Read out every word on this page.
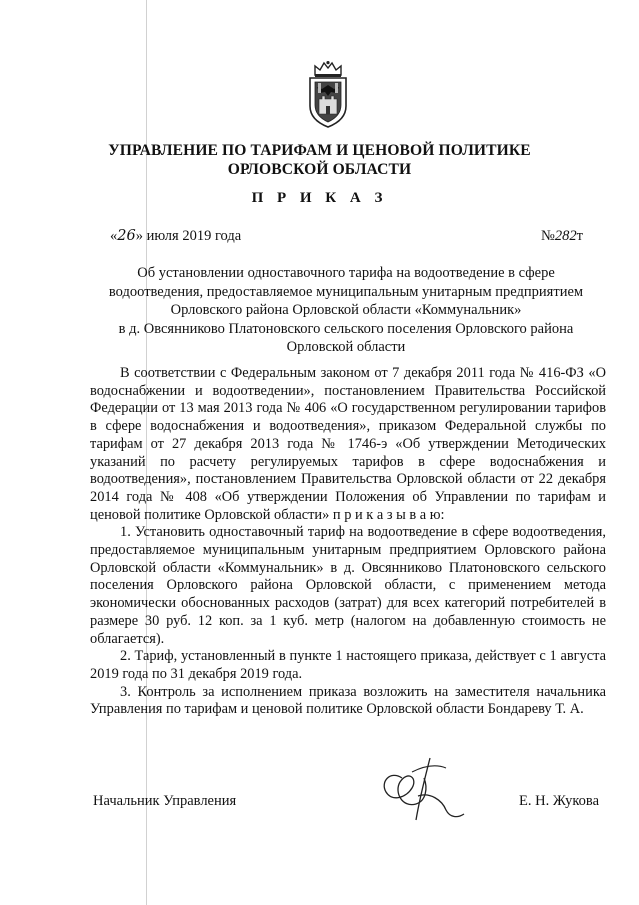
УПРАВЛЕНИЕ ПО ТАРИФАМ И ЦЕНОВОЙ ПОЛИТИКЕ
ОРЛОВСКОЙ ОБЛАСТИ
П Р И К А З
«26» июля 2019 года	№282т
Об установлении одноставочного тарифа на водоотведение в сфере
водоотведения, предоставляемое муниципальным унитарным предприятием
Орловского района Орловской области «Коммунальник»
в д. Овсянниково Платоновского сельского поселения Орловского района
Орловской области

В соответствии с Федеральным законом от 7 декабря 2011 года № 416-ФЗ «О водоснабжении и водоотведении», постановлением Правительства Российской Федерации от 13 мая 2013 года № 406 «О государственном регулировании тарифов в сфере водоснабжения и водоотведения», приказом Федеральной службы по тарифам от 27 декабря 2013 года № 1746-э «Об утверждении Методических указаний по расчету регулируемых тарифов в сфере водоснабжения и водоотведения», постановлением Правительства Орловской области от 22 декабря 2014 года № 408 «Об утверждении Положения об Управлении по тарифам и ценовой политике Орловской области» п р и к а з ы в а ю:

1. Установить одноставочный тариф на водоотведение в сфере водоотведения, предоставляемое муниципальным унитарным предприятием Орловского района Орловской области «Коммунальник» в д. Овсянниково Платоновского сельского поселения Орловского района Орловской области, с применением метода экономически обоснованных расходов (затрат) для всех категорий потребителей в размере 30 руб. 12 коп. за 1 куб. метр (налогом на добавленную стоимость не облагается).

2. Тариф, установленный в пункте 1 настоящего приказа, действует с 1 августа 2019 года по 31 декабря 2019 года.

3. Контроль за исполнением приказа возложить на заместителя начальника Управления по тарифам и ценовой политике Орловской области Бондареву Т. А.

Начальник Управления	Е. Н. Жукова
